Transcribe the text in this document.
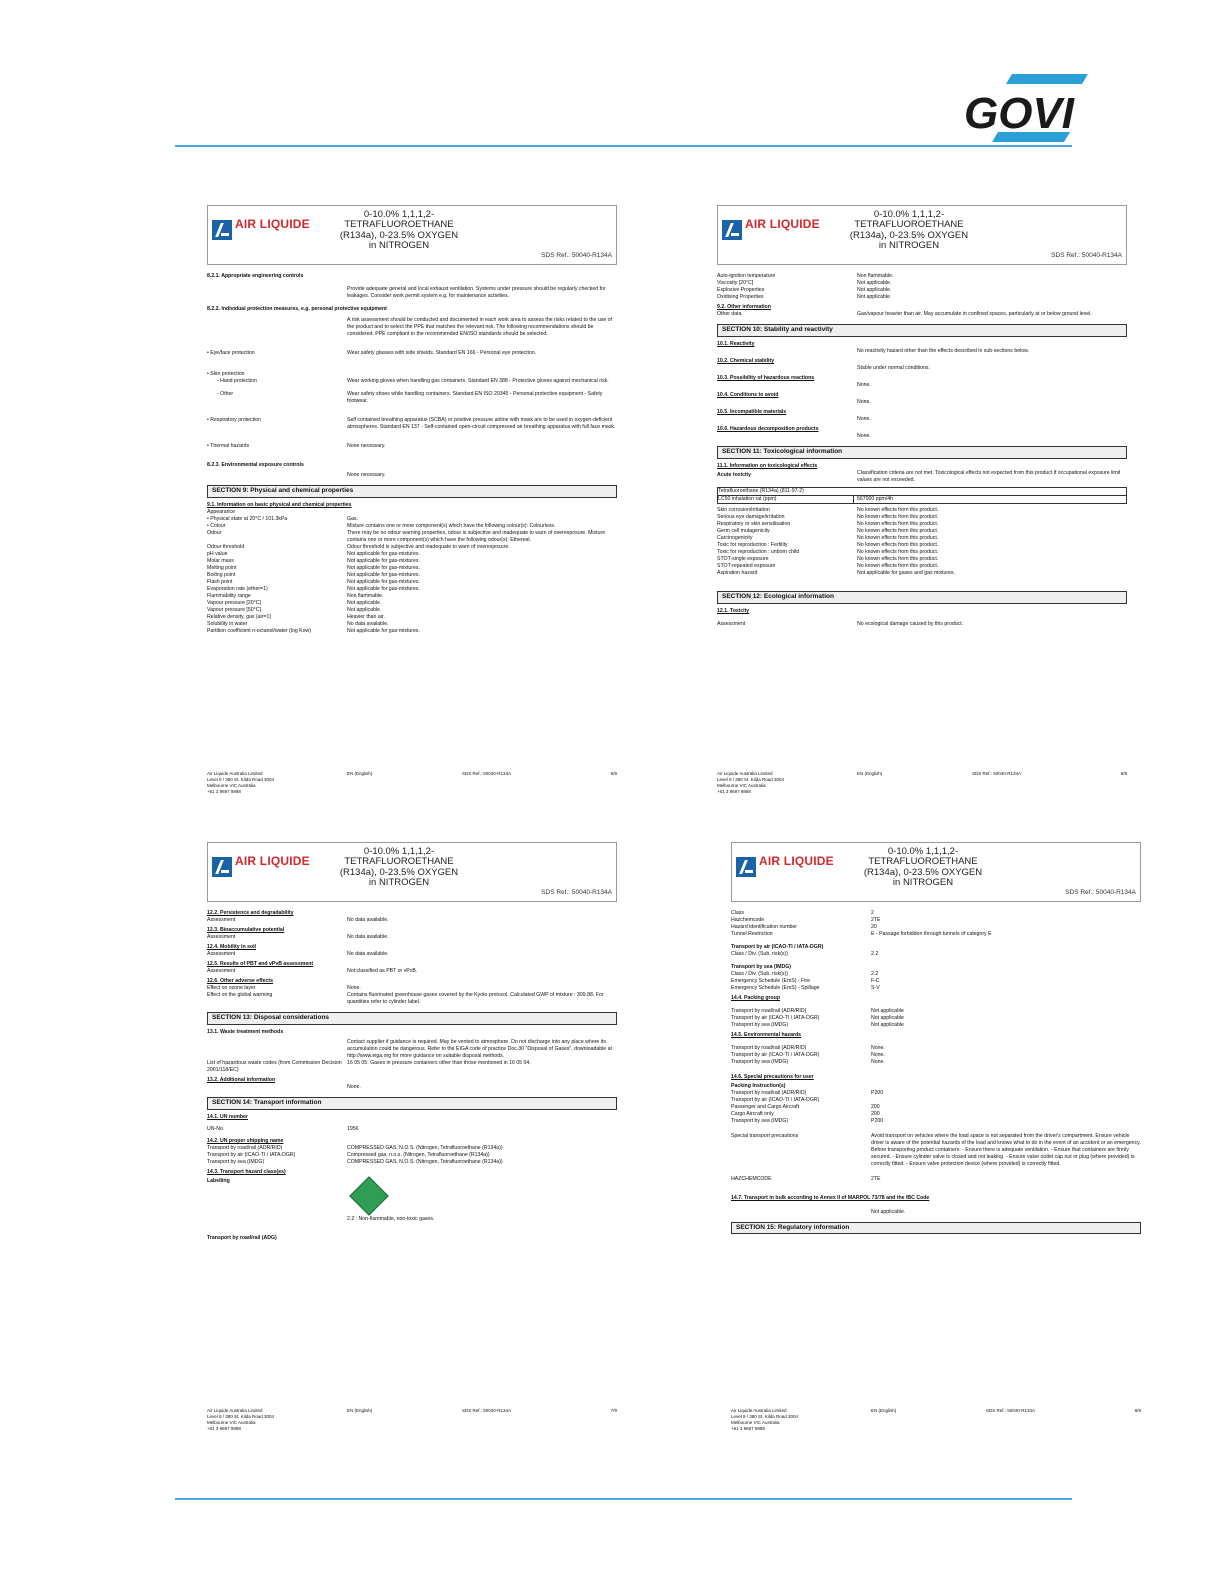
GOVI
AIR LIQUIDE
0-10.0% 1,1,1,2-
TETRAFLUOROETHANE
(R134a), 0-23.5% OXYGEN
in NITROGEN
SDS Ref.: 50040-R134A
8.2.1. Appropriate engineering controls
Provide adequate general and local exhaust ventilation. Systems under pressure should be regularly checked for leakages. Consider work permit system e.g. for maintenance activities.
8.2.2. Individual protection measures, e.g. personal protective equipment
A risk assessment should be conducted and documented in each work area to assess the risks related to the use of the product and to select the PPE that matches the relevant risk. The following recommendations should be considered. PPE compliant to the recommended EN/ISO standards should be selected.
• Eye/face protection	Wear safety glasses with side shields. Standard EN 166 - Personal eye protection.
• Skin protection
- Hand protection	Wear working gloves when handling gas containers. Standard EN 388 - Protective gloves against mechanical risk.
- Other	Wear safety shoes while handling containers. Standard EN ISO 20345 - Personal protective equipment - Safety footwear.
• Respiratory protection	Self contained breathing apparatus (SCBA) or positive pressure airline with mask are to be used in oxygen-deficient atmospheres. Standard EN 137 - Self-contained open-circuit compressed air breathing apparatus with full face mask.
• Thermal hazards	None necessary.
8.2.3. Environmental exposure controls
None necessary.
SECTION 9: Physical and chemical properties
9.1. Information on basic physical and chemical properties
Appearance
• Physical state at 20°C / 101.3kPa	Gas.
• Colour	Mixture contains one or more component(s) which have the following colour(s): Colourless.
Odour	There may be no odour warning properties, odour is subjective and inadequate to warn of overexposure. Mixture contains one or more component(s) which have the following odour(s): Ethereal.
Odour threshold	Odour threshold is subjective and inadequate to warn of overexposure.
pH value	Not applicable for gas-mixtures.
Molar mass	Not applicable for gas-mixtures.
Melting point	Not applicable for gas-mixtures.
Boiling point	Not applicable for gas-mixtures.
Flash point	Not applicable for gas-mixtures.
Evaporation rate (ether=1)	Not applicable for gas-mixtures.
Flammability range	Non flammable.
Vapour pressure [20°C]	Not applicable.
Vapour pressure [50°C]	Not applicable.
Relative density, gas (air=1)	Heavier than air.
Solubility in water	No data available.
Partition coefficient n-octanol/water (log Kow)	Not applicable for gas-mixtures.
Air Liquide Australia Limited
Level 9 / 380 St. Kilda Road 3004
Melbourne VIC Australia
+61 3 9697 9888
EN (English)	SDS Ref.: 50040-R134A	5/9
AIR LIQUIDE
0-10.0% 1,1,1,2-
TETRAFLUOROETHANE
(R134a), 0-23.5% OXYGEN
in NITROGEN
SDS Ref.: 50040-R134A
Auto-ignition temperature	Non flammable.
Viscosity [20°C]	Not applicable.
Explosive Properties	Not applicable.
Oxidising Properties	Not applicable.
9.2. Other information
Other data	Gas/vapour heavier than air. May accumulate in confined spaces, particularly at or below ground level.
SECTION 10: Stability and reactivity
10.1. Reactivity
No reactivity hazard other than the effects described in sub-sections below.
10.2. Chemical stability
Stable under normal conditions.
10.3. Possibility of hazardous reactions
None.
10.4. Conditions to avoid
None.
10.5. Incompatible materials
None.
10.6. Hazardous decomposition products
None.
SECTION 11: Toxicological information
11.1. Information on toxicological effects
Acute toxicity	Classification criteria are not met. Toxicological effects not expected from this product if occupational exposure limit values are not exceeded.
Tetrafluoroethane (R134a) (811-97-2)
LC50 inhalation rat (ppm)	567000 ppm/4h
Skin corrosion/irritation	No known effects from this product.
Serious eye damage/irritation	No known effects from this product.
Respiratory or skin sensitisation	No known effects from this product.
Germ cell mutagenicity	No known effects from this product.
Carcinogenicity	No known effects from this product.
Toxic for reproduction : Fertility	No known effects from this product.
Toxic for reproduction : unborn child	No known effects from this product.
STOT-single exposure	No known effects from this product.
STOT-repeated exposure	No known effects from this product.
Aspiration hazard	Not applicable for gases and gas mixtures.
SECTION 12: Ecological information
12.1. Toxicity
Assessment	No ecological damage caused by this product.
Air Liquide Australia Limited
Level 9 / 380 St. Kilda Road 3004
Melbourne VIC Australia
+61 3 9697 9888
EN (English)	SDS Ref.: 50040-R134A	6/9
AIR LIQUIDE
0-10.0% 1,1,1,2-
TETRAFLUOROETHANE
(R134a), 0-23.5% OXYGEN
in NITROGEN
SDS Ref.: 50040-R134A
12.2. Persistence and degradability
Assessment	No data available.
12.3. Bioaccumulative potential
Assessment	No data available.
12.4. Mobility in soil
Assessment	No data available.
12.5. Results of PBT and vPvB assessment
Assessment	Not classified as PBT or vPvB.
12.6. Other adverse effects
Effect on ozone layer	None.
Effect on the global warming	Contains fluorinated greenhouse gases covered by the Kyoto protocol. Calculated GWP of mixture : 309.88. For quantities refer to cylinder label.
SECTION 13: Disposal considerations
13.1. Waste treatment methods
Contact supplier if guidance is required. May be vented to atmosphere. Do not discharge into any place where its accumulation could be dangerous. Refer to the EIGA code of practice Doc.30 "Disposal of Gases", downloadable at http://www.eiga.org for more guidance on suitable disposal methods.
List of hazardous waste codes (from Commission Decision 2001/118/EC)
16 05 05: Gases in pressure containers other than those mentioned in 16 05 04.
13.2. Additional information
None.
SECTION 14: Transport information
14.1. UN number
UN-No.	1956
14.2. UN proper shipping name
Transport by road/rail (ADR/RID)	COMPRESSED GAS, N.O.S. (Nitrogen, Tetrafluoroethane (R134a))
Transport by air (ICAO-TI / IATA-DGR)	Compressed gas, n.o.s. (Nitrogen, Tetrafluoroethane (R134a))
Transport by sea (IMDG)	COMPRESSED GAS, N.O.S. (Nitrogen, Tetrafluoroethane (R134a))
14.3. Transport hazard class(es)
Labelling
2.2 : Non-flammable, non-toxic gases.
Transport by road/rail (ADG)
Air Liquide Australia Limited
Level 9 / 380 St. Kilda Road 3004
Melbourne VIC Australia
+61 3 9697 9888
EN (English)	SDS Ref.: 50040-R134A	7/9
AIR LIQUIDE
0-10.0% 1,1,1,2-
TETRAFLUOROETHANE
(R134a), 0-23.5% OXYGEN
in NITROGEN
SDS Ref.: 50040-R134A
Class	2
Hazchemcode	2TE
Hazard identification number	20
Tunnel Restriction	E - Passage forbidden through tunnels of category E
Transport by air (ICAO-TI / IATA-DGR)
Class / Div. (Sub. risk(s))	2.2
Transport by sea (IMDG)
Class / Div. (Sub. risk(s))	2.2
Emergency Schedule (EmS) - Fire	F-C
Emergency Schedule (EmS) - Spillage	S-V
14.4. Packing group
Transport by road/rail (ADR/RID)	Not applicable
Transport by air (ICAO-TI / IATA-DGR)	Not applicable
Transport by sea (IMDG)	Not applicable
14.5. Environmental hazards
Transport by road/rail (ADR/RID)	None.
Transport by air (ICAO-TI / IATA-DGR)	None.
Transport by sea (IMDG)	None.
14.6. Special precautions for user
Packing Instruction(s)
Transport by road/rail (ADR/RID)	P200
Transport by air (ICAO-TI / IATA-DGR)
Passenger and Cargo Aircraft	200
Cargo Aircraft only	200
Transport by sea (IMDG)	P200
Special transport precautions	Avoid transport on vehicles where the load space is not separated from the driver's compartment. Ensure vehicle driver is aware of the potential hazards of the load and knows what to do in the event of an accident or an emergency. Before transporting product containers: - Ensure there is adequate ventilation. - Ensure that containers are firmly secured. - Ensure cylinder valve is closed and not leaking. - Ensure valve outlet cap nut or plug (where provided) is correctly fitted. - Ensure valve protection device (where provided) is correctly fitted.
HAZCHEMCODE	2TE
14.7. Transport in bulk according to Annex II of MARPOL 73/78 and the IBC Code
Not applicable.
SECTION 15: Regulatory information
Air Liquide Australia Limited
Level 9 / 380 St. Kilda Road 3004
Melbourne VIC Australia
+61 3 9697 9888
EN (English)	SDS Ref.: 50040-R134A	8/9
